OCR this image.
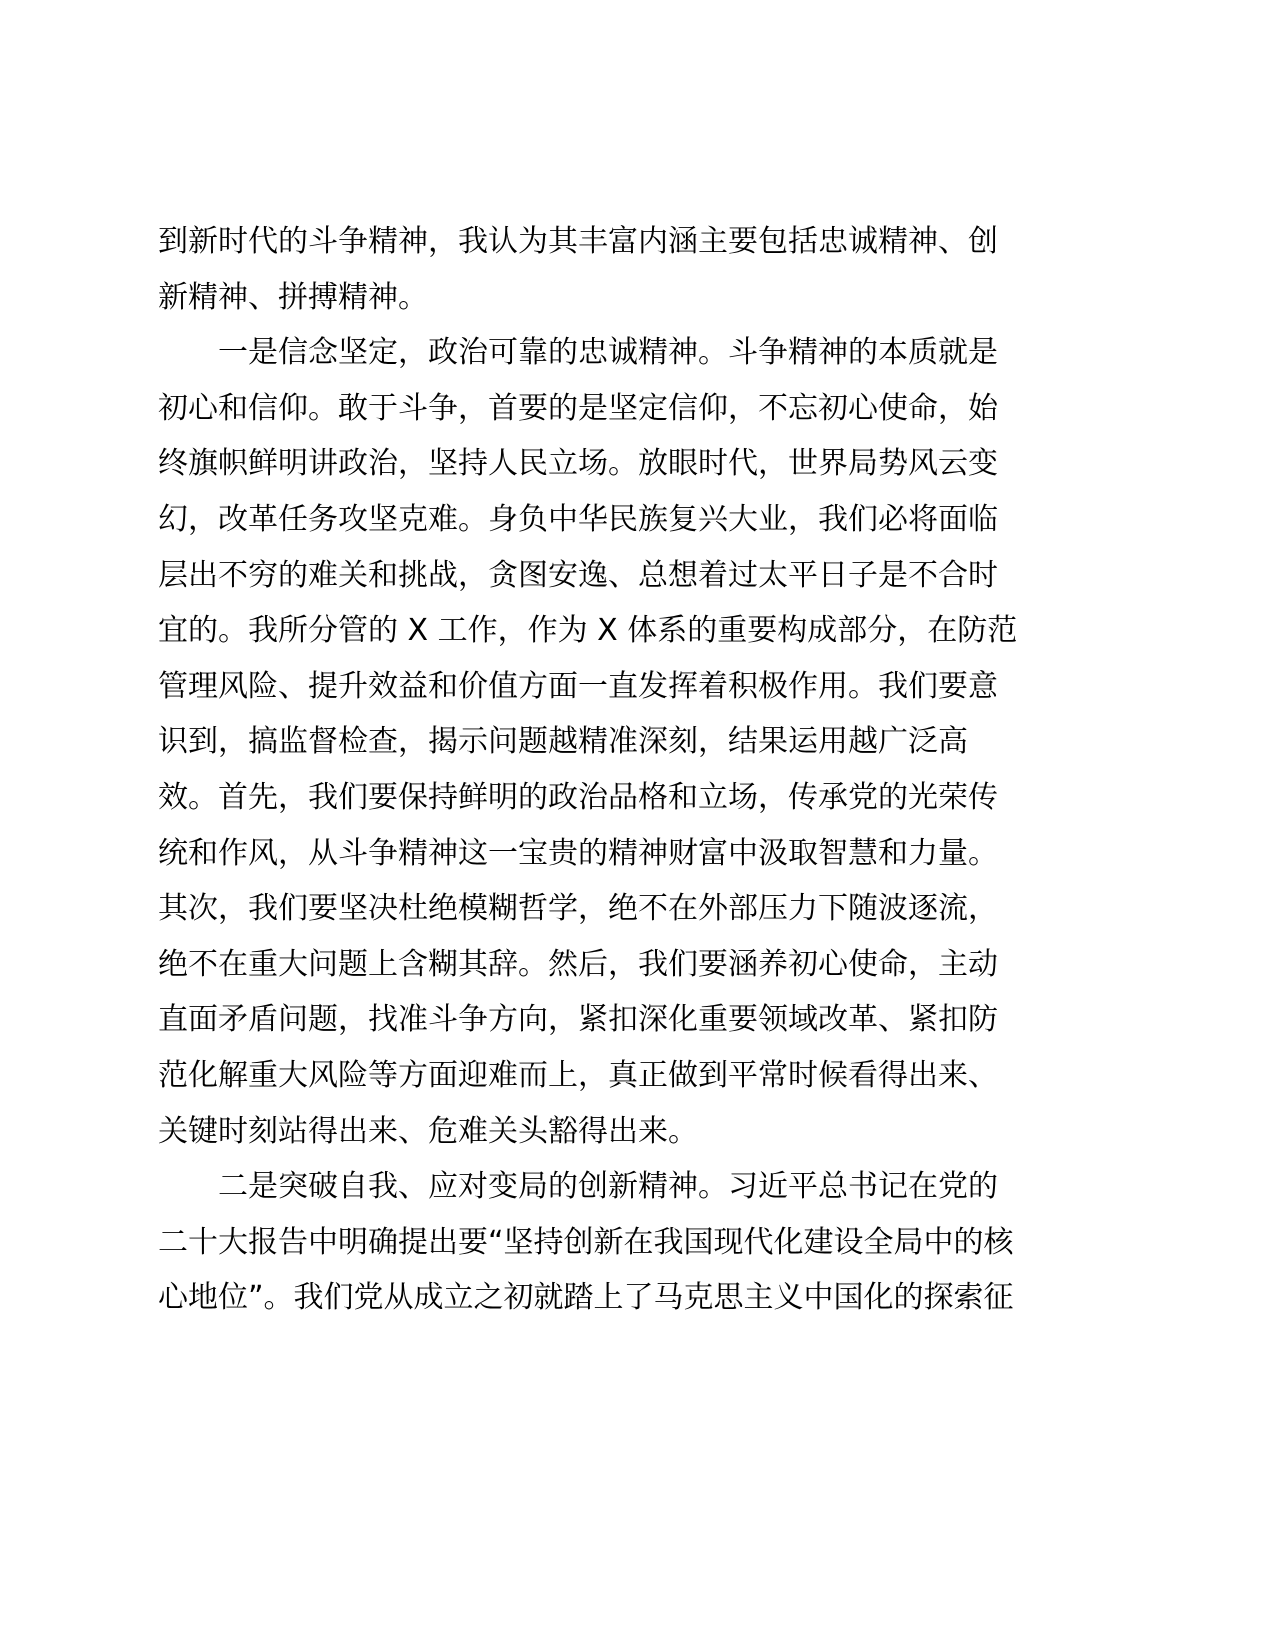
到新时代的斗争精神，我认为其丰富内涵主要包括忠诚精神、创
新精神、拼搏精神。
一是信念坚定，政治可靠的忠诚精神。斗争精神的本质就是
初心和信仰。敢于斗争，首要的是坚定信仰，不忘初心使命，始
终旗帜鲜明讲政治，坚持人民立场。放眼时代，世界局势风云变
幻，改革任务攻坚克难。身负中华民族复兴大业，我们必将面临
层出不穷的难关和挑战，贪图安逸、总想着过太平日子是不合时
宜的。我所分管的 X 工作，作为 X 体系的重要构成部分，在防范
管理风险、提升效益和价值方面一直发挥着积极作用。我们要意
识到，搞监督检查，揭示问题越精准深刻，结果运用越广泛高
效。首先，我们要保持鲜明的政治品格和立场，传承党的光荣传
统和作风，从斗争精神这一宝贵的精神财富中汲取智慧和力量。
其次，我们要坚决杜绝模糊哲学，绝不在外部压力下随波逐流，
绝不在重大问题上含糊其辞。然后，我们要涵养初心使命，主动
直面矛盾问题，找准斗争方向，紧扣深化重要领域改革、紧扣防
范化解重大风险等方面迎难而上，真正做到平常时候看得出来、
关键时刻站得出来、危难关头豁得出来。
二是突破自我、应对变局的创新精神。习近平总书记在党的
二十大报告中明确提出要“坚持创新在我国现代化建设全局中的核
心地位”。我们党从成立之初就踏上了马克思主义中国化的探索征
